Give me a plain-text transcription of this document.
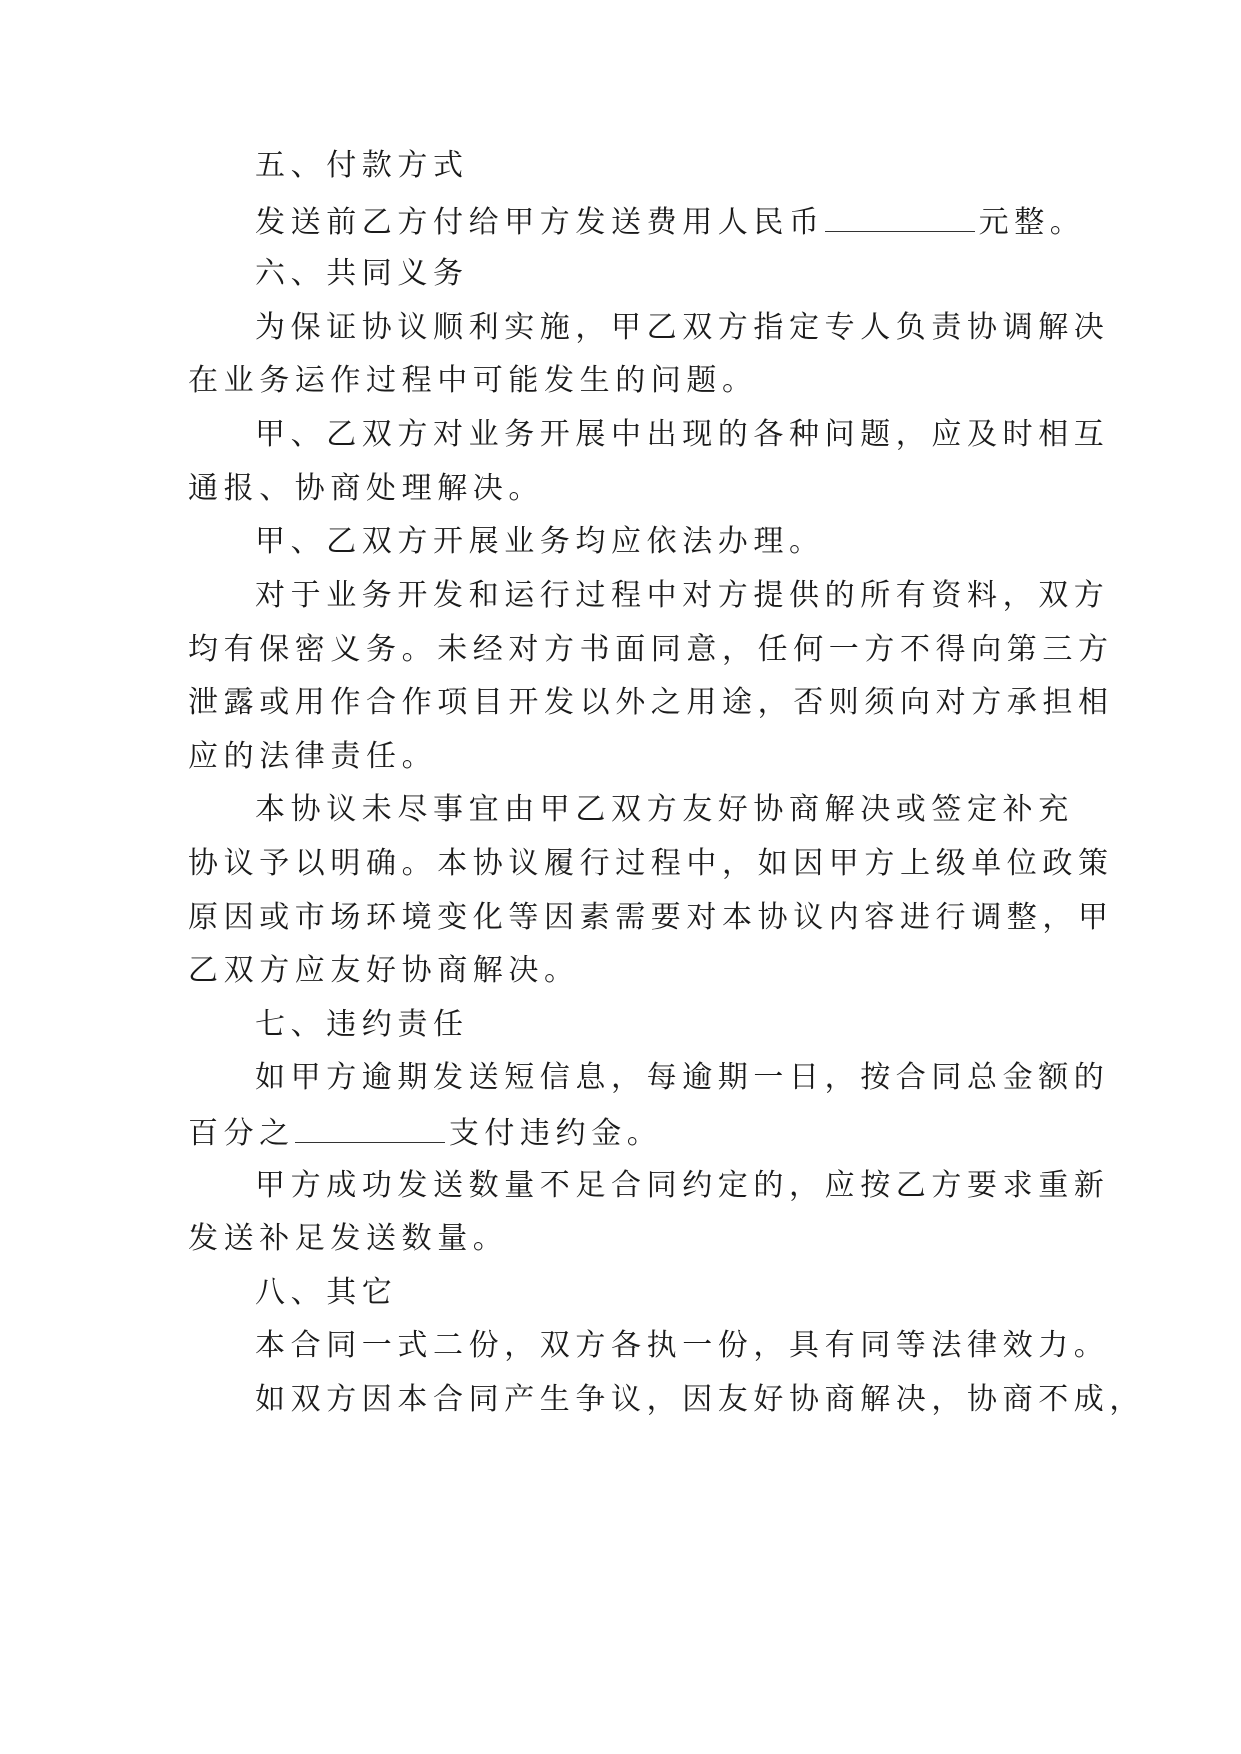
五、付款方式
发送前乙方付给甲方发送费用人民币	元整。
六、共同义务
为保证协议顺利实施，甲乙双方指定专人负责协调解决
在业务运作过程中可能发生的问题。
甲、乙双方对业务开展中出现的各种问题，应及时相互
通报、协商处理解决。
甲、乙双方开展业务均应依法办理。
对于业务开发和运行过程中对方提供的所有资料，双方
均有保密义务。未经对方书面同意，任何一方不得向第三方
泄露或用作合作项目开发以外之用途，否则须向对方承担相
应的法律责任。
本协议未尽事宜由甲乙双方友好协商解决或签定补充
协议予以明确。本协议履行过程中，如因甲方上级单位政策
原因或市场环境变化等因素需要对本协议内容进行调整，甲
乙双方应友好协商解决。
七、违约责任
如甲方逾期发送短信息，每逾期一日，按合同总金额的
百分之	支付违约金。
甲方成功发送数量不足合同约定的，应按乙方要求重新
发送补足发送数量。
八、其它
本合同一式二份，双方各执一份，具有同等法律效力。
如双方因本合同产生争议，因友好协商解决，协商不成，
